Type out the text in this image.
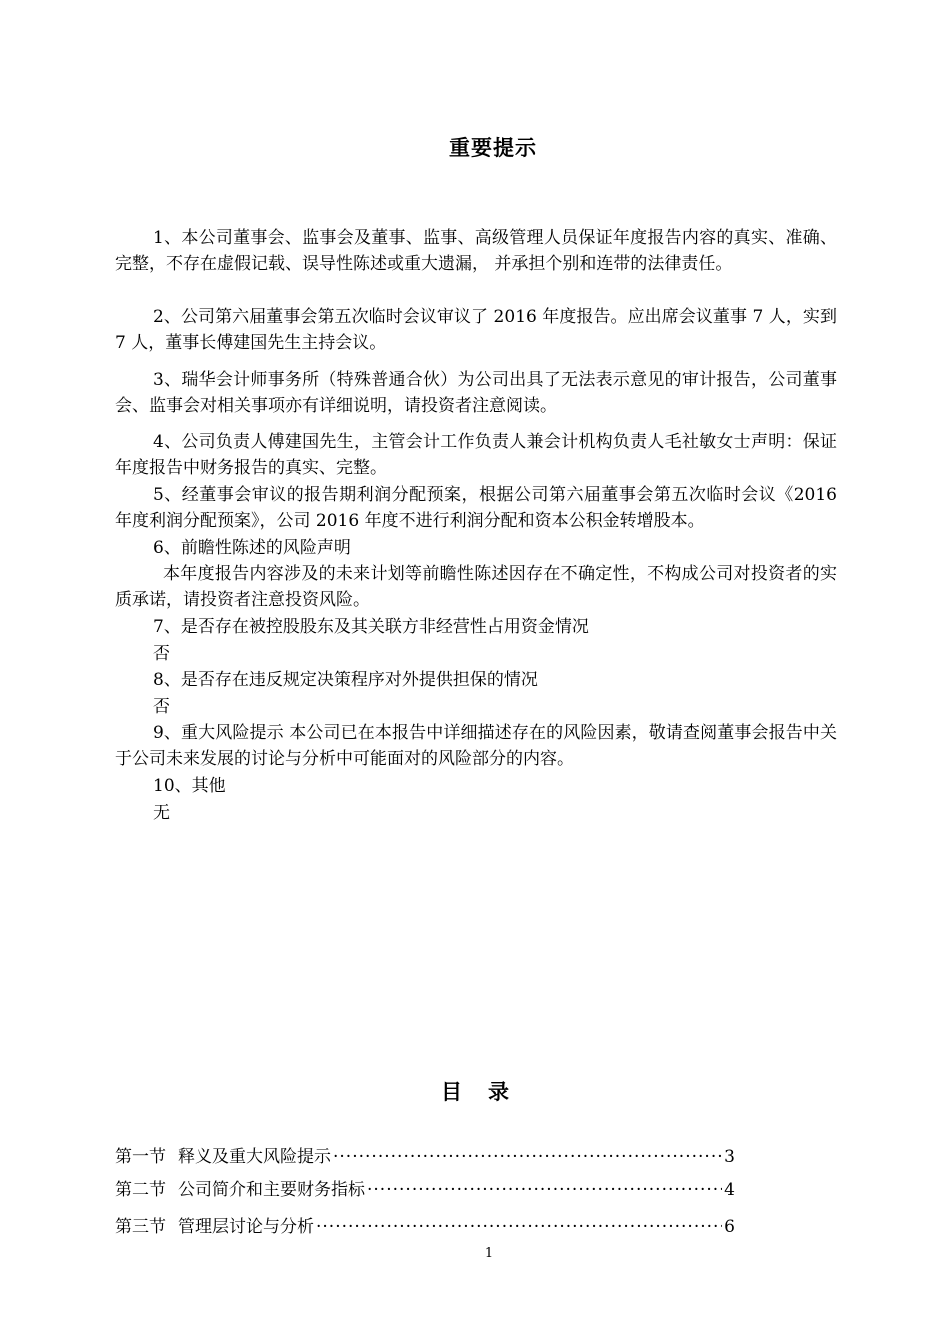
重要提示
1、本公司董事会、监事会及董事、监事、高级管理人员保证年度报告内容的真实、准确、完整，不存在虚假记载、误导性陈述或重大遗漏， 并承担个别和连带的法律责任。
2、公司第六届董事会第五次临时会议审议了 2016 年度报告。应出席会议董事 7 人，实到 7 人，董事长傅建国先生主持会议。
3、瑞华会计师事务所（特殊普通合伙）为公司出具了无法表示意见的审计报告，公司董事会、监事会对相关事项亦有详细说明，请投资者注意阅读。
4、公司负责人傅建国先生，主管会计工作负责人兼会计机构负责人毛社敏女士声明：保证年度报告中财务报告的真实、完整。
5、经董事会审议的报告期利润分配预案，根据公司第六届董事会第五次临时会议《2016 年度利润分配预案》，公司 2016 年度不进行利润分配和资本公积金转增股本。
6、前瞻性陈述的风险声明
本年度报告内容涉及的未来计划等前瞻性陈述因存在不确定性，不构成公司对投资者的实质承诺，请投资者注意投资风险。
7、是否存在被控股股东及其关联方非经营性占用资金情况
否
8、是否存在违反规定决策程序对外提供担保的情况
否
9、重大风险提示 本公司已在本报告中详细描述存在的风险因素，敬请查阅董事会报告中关于公司未来发展的讨论与分析中可能面对的风险部分的内容。
10、其他
无
目录
第一节 释义及重大风险提示 ·····	3
第二节 公司简介和主要财务指标 ·····	4
第三节 管理层讨论与分析 ·····	6
1
